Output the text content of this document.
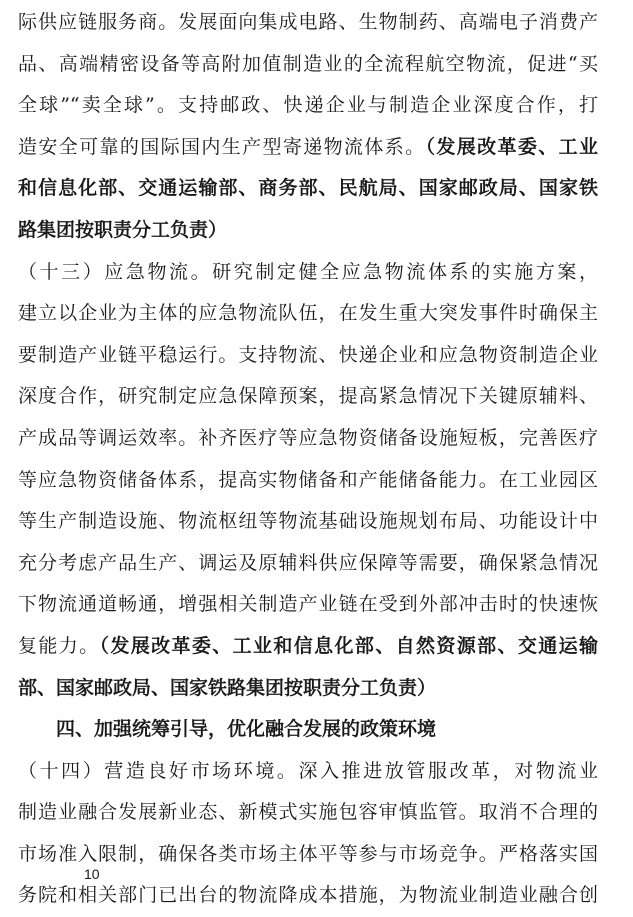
际供应链服务商。发展面向集成电路、生物制药、高端电子消费产
品、高端精密设备等高附加值制造业的全流程航空物流，促进“买
全球”“卖全球”。支持邮政、快递企业与制造企业深度合作，打
造安全可靠的国际国内生产型寄递物流体系。（发展改革委、工业
和信息化部、交通运输部、商务部、民航局、国家邮政局、国家铁
路集团按职责分工负责）
（十三）应急物流。研究制定健全应急物流体系的实施方案，
建立以企业为主体的应急物流队伍，在发生重大突发事件时确保主
要制造产业链平稳运行。支持物流、快递企业和应急物资制造企业
深度合作，研究制定应急保障预案，提高紧急情况下关键原辅料、
产成品等调运效率。补齐医疗等应急物资储备设施短板，完善医疗
等应急物资储备体系，提高实物储备和产能储备能力。在工业园区
等生产制造设施、物流枢纽等物流基础设施规划布局、功能设计中
充分考虑产品生产、调运及原辅料供应保障等需要，确保紧急情况
下物流通道畅通，增强相关制造产业链在受到外部冲击时的快速恢
复能力。（发展改革委、工业和信息化部、自然资源部、交通运输
部、国家邮政局、国家铁路集团按职责分工负责）
四、加强统筹引导，优化融合发展的政策环境
（十四）营造良好市场环境。深入推进放管服改革，对物流业
制造业融合发展新业态、新模式实施包容审慎监管。取消不合理的
市场准入限制，确保各类市场主体平等参与市场竞争。严格落实国
务院和相关部门已出台的物流降成本措施，为物流业制造业融合创
10
